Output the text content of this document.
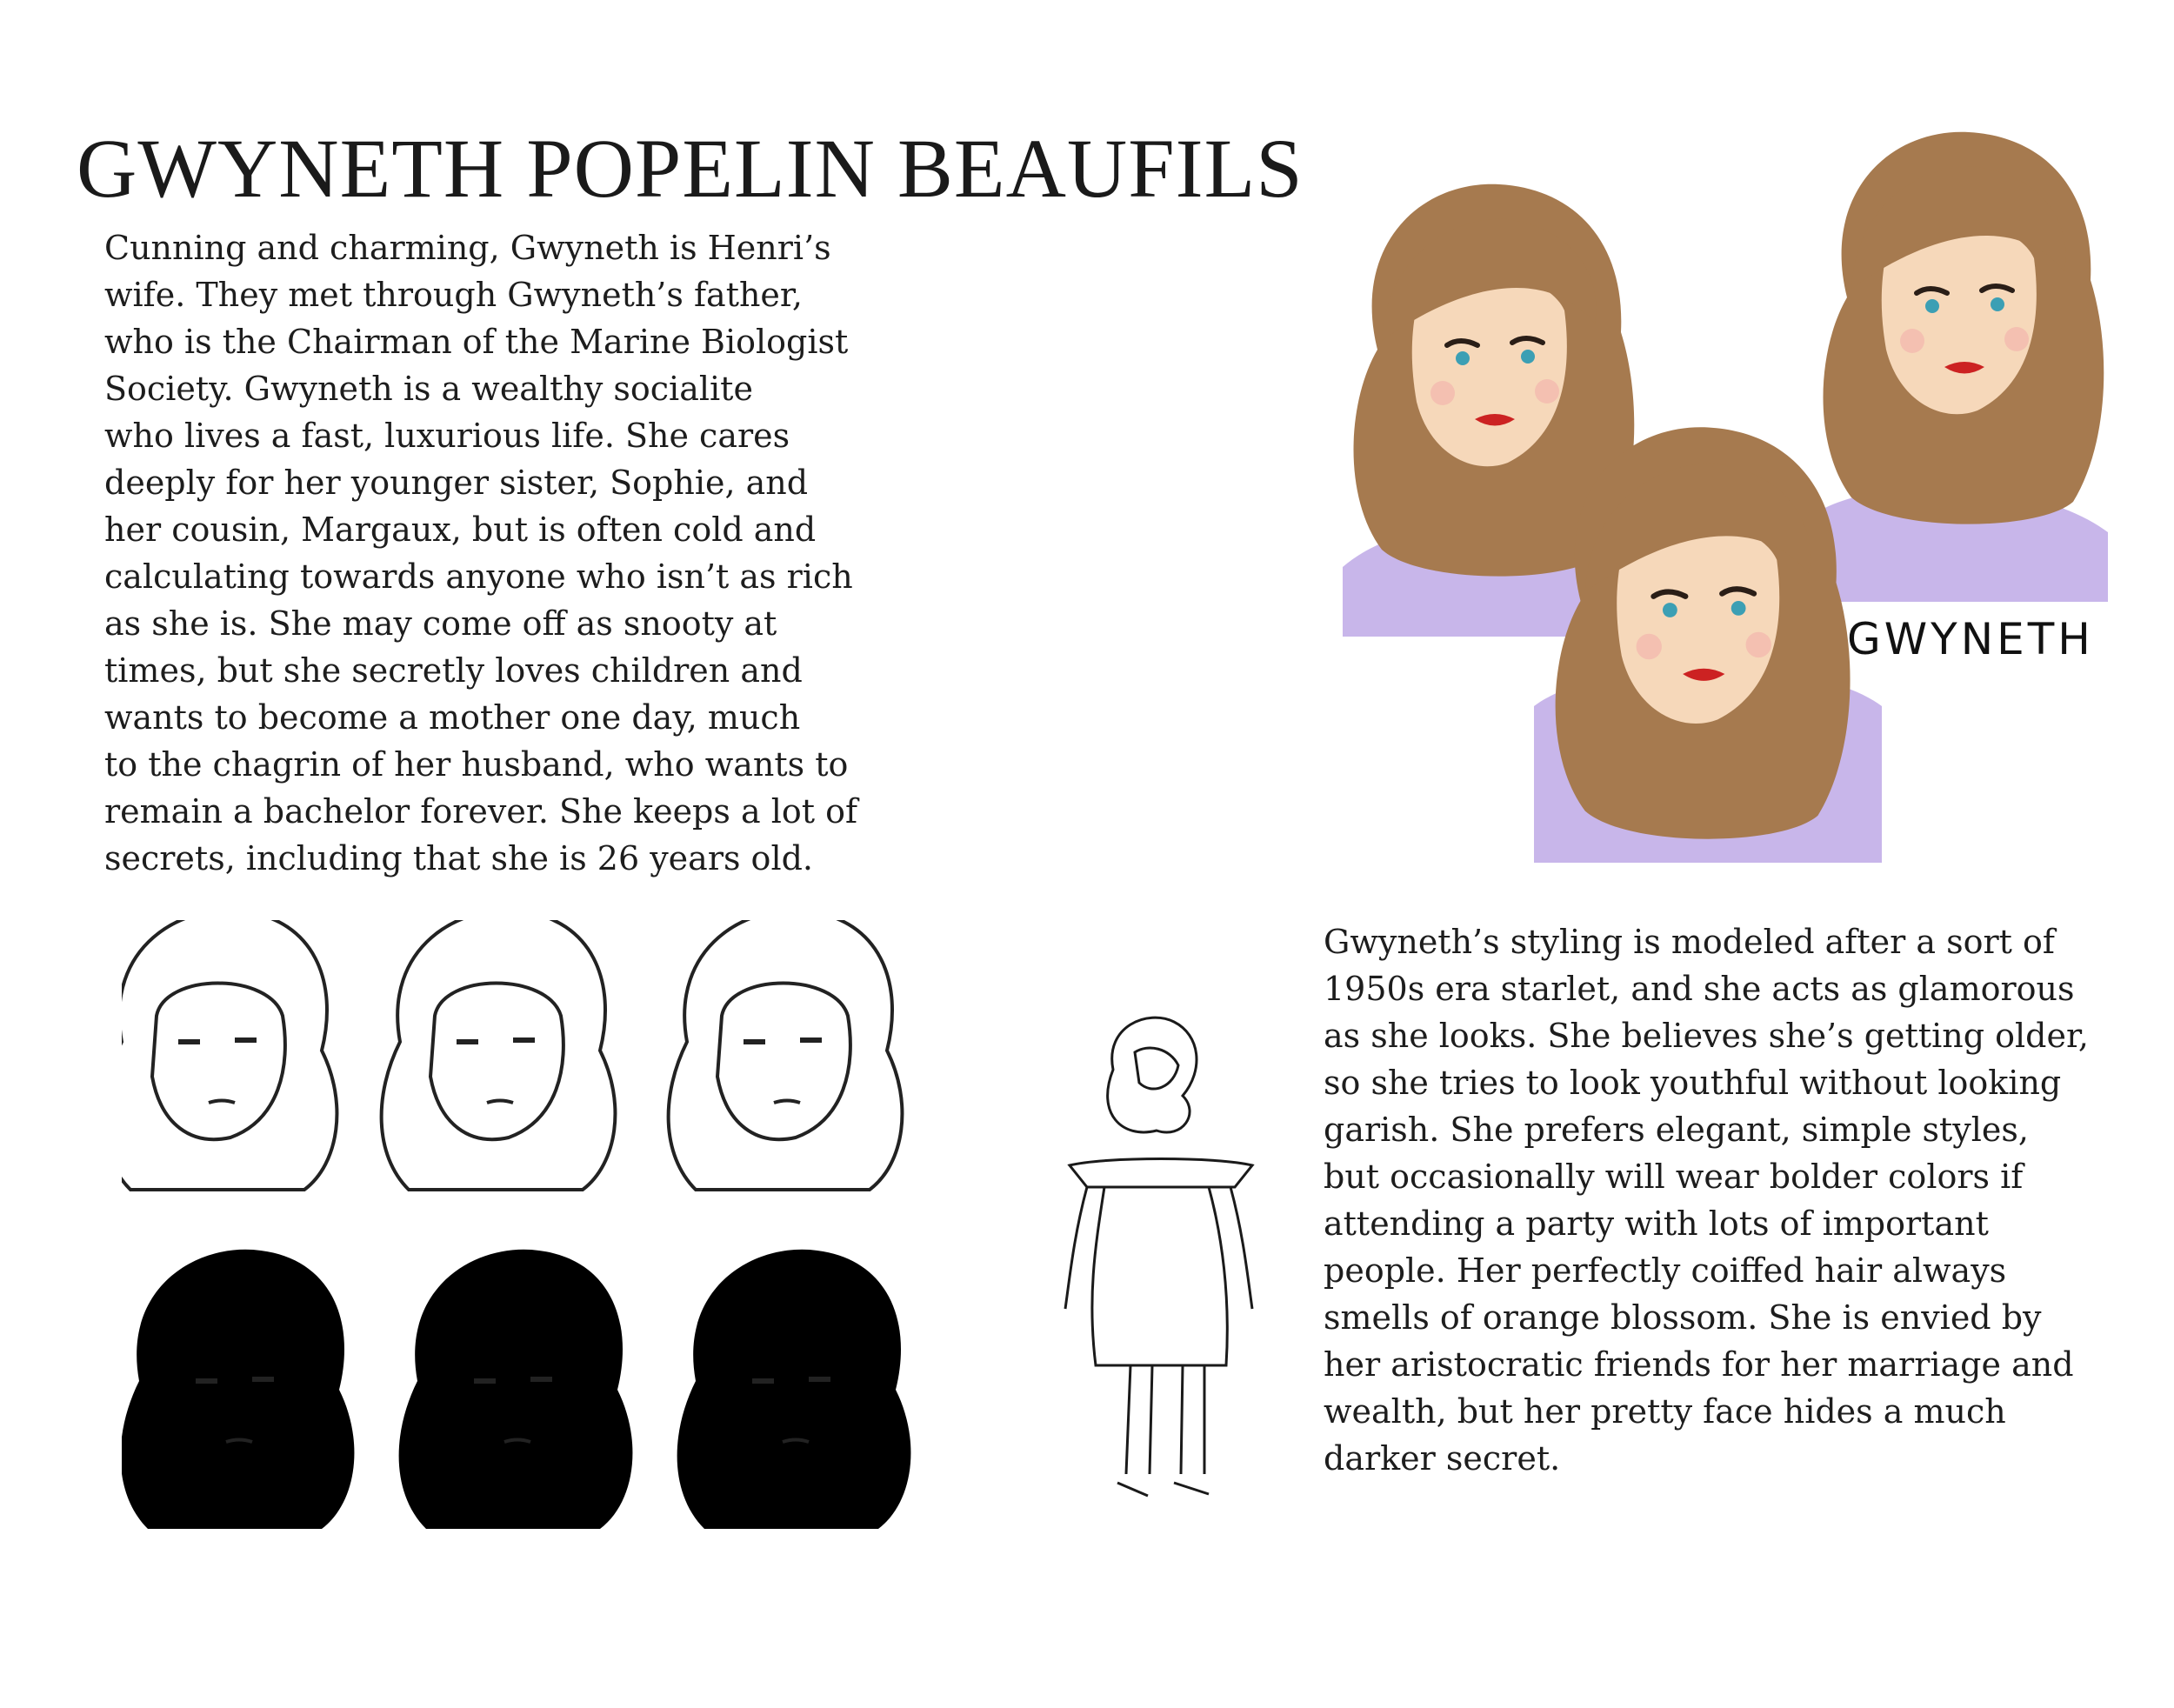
GWYNETH POPELIN BEAUFILS
Cunning and charming, Gwyneth is Henri’s
wife. They met through Gwyneth’s father,
who is the Chairman of the Marine Biologist
Society. Gwyneth is a wealthy socialite
who lives a fast, luxurious life. She cares
deeply for her younger sister, Sophie, and
her cousin, Margaux, but is often cold and
calculating towards anyone who isn’t as rich
as she is. She may come off as snooty at
times, but she secretly loves children and
wants to become a mother one day, much
to the chagrin of her husband, who wants to
remain a bachelor forever. She keeps a lot of
secrets, including that she is 26 years old.
Gwyneth’s styling is modeled after a sort of
1950s era starlet, and she acts as glamorous
as she looks. She believes she’s getting older,
so she tries to look youthful without looking
garish. She prefers elegant, simple styles,
but occasionally will wear bolder colors if
attending a party with lots of important
people. Her perfectly coiffed hair always
smells of orange blossom. She is envied by
her aristocratic friends for her marriage and
wealth, but her pretty face hides a much
darker secret.
GWYNETH
